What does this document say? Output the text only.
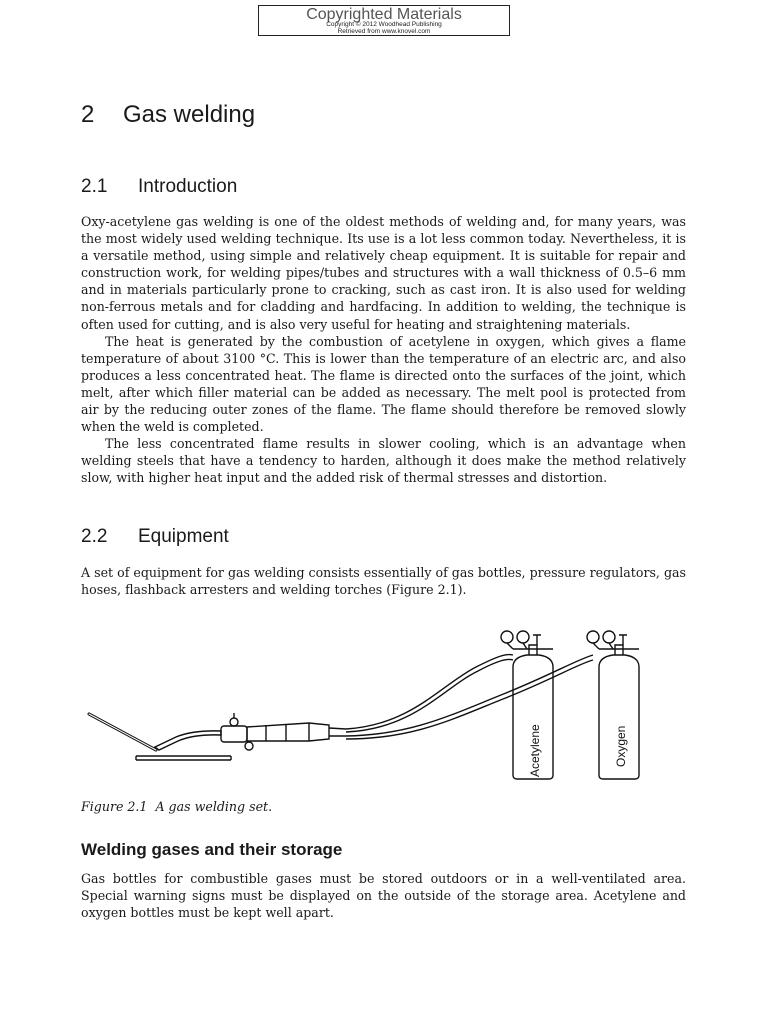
Copyrighted Materials
Copyright © 2012 Woodhead Publishing
Retrieved from www.knovel.com
2 Gas welding
2.1 Introduction

Oxy-acetylene gas welding is one of the oldest methods of welding and, for many years, was the most widely used welding technique. Its use is a lot less common today. Nevertheless, it is a versatile method, using simple and relatively cheap equipment. It is suitable for repair and construction work, for welding pipes/tubes and structures with a wall thickness of 0.5–6 mm and in materials particularly prone to cracking, such as cast iron. It is also used for welding non-ferrous metals and for cladding and hardfacing. In addition to welding, the technique is often used for cutting, and is also very useful for heating and straightening materials.

The heat is generated by the combustion of acetylene in oxygen, which gives a flame temperature of about 3100 °C. This is lower than the temperature of an electric arc, and also produces a less concentrated heat. The flame is directed onto the surfaces of the joint, which melt, after which filler material can be added as necessary. The melt pool is protected from air by the reducing outer zones of the flame. The flame should therefore be removed slowly when the weld is completed.

The less concentrated flame results in slower cooling, which is an advantage when welding steels that have a tendency to harden, although it does make the method relatively slow, with higher heat input and the added risk of thermal stresses and distortion.

2.2 Equipment

A set of equipment for gas welding consists essentially of gas bottles, pressure regulators, gas hoses, flashback arresters and welding torches (Figure 2.1).

Acetylene	Oxygen
Figure 2.1 A gas welding set.
Welding gases and their storage

Gas bottles for combustible gases must be stored outdoors or in a well-ventilated area. Special warning signs must be displayed on the outside of the storage area. Acetylene and oxygen bottles must be kept well apart.
